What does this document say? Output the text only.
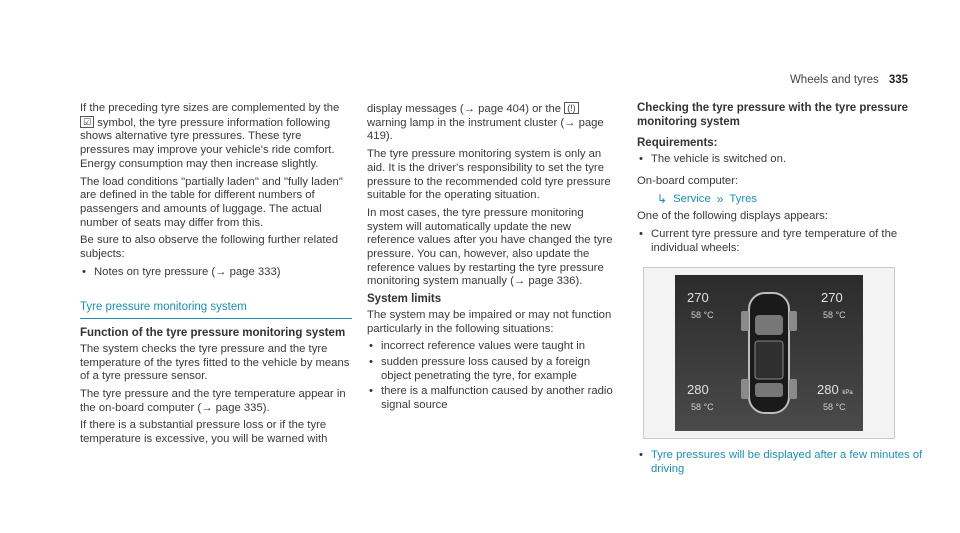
Wheels and tyres 335

If the preceding tyre sizes are complemented by the ☑ symbol, the tyre pressure information following shows alternative tyre pressures. These tyre pressures may improve your vehicle's ride comfort. Energy consumption may then increase slightly.

The load conditions "partially laden" and "fully laden" are defined in the table for different numbers of passengers and amounts of luggage. The actual number of seats may differ from this.

Be sure to also observe the following further related subjects:

• Notes on tyre pressure (→ page 333)
Tyre pressure monitoring system
Function of the tyre pressure monitoring system

The system checks the tyre pressure and the tyre temperature of the tyres fitted to the vehicle by means of a tyre pressure sensor.

The tyre pressure and the tyre temperature appear in the on-board computer (→ page 335).

If there is a substantial pressure loss or if the tyre temperature is excessive, you will be warned with

display messages (→ page 404) or the (!) warning lamp in the instrument cluster (→ page 419).

The tyre pressure monitoring system is only an aid. It is the driver's responsibility to set the tyre pressure to the recommended cold tyre pressure suitable for the operating situation.

In most cases, the tyre pressure monitoring system will automatically update the new reference values after you have changed the tyre pressure. You can, however, also update the reference values by restarting the tyre pressure monitoring system manually (→ page 336).

System limits

The system may be impaired or may not function particularly in the following situations:

• incorrect reference values were taught in
• sudden pressure loss caused by a foreign object penetrating the tyre, for example
• there is a malfunction caused by another radio signal source
Checking the tyre pressure with the tyre pressure monitoring system
Requirements:
• The vehicle is switched on.

On-board computer:

↳ Service » Tyres

One of the following displays appears:

• Current tyre pressure and tyre temperature of the individual wheels:
270
58 °C
270
58 °C
280
58 °C
280 kPa
58 °C
• Tyre pressures will be displayed after a few minutes of driving
